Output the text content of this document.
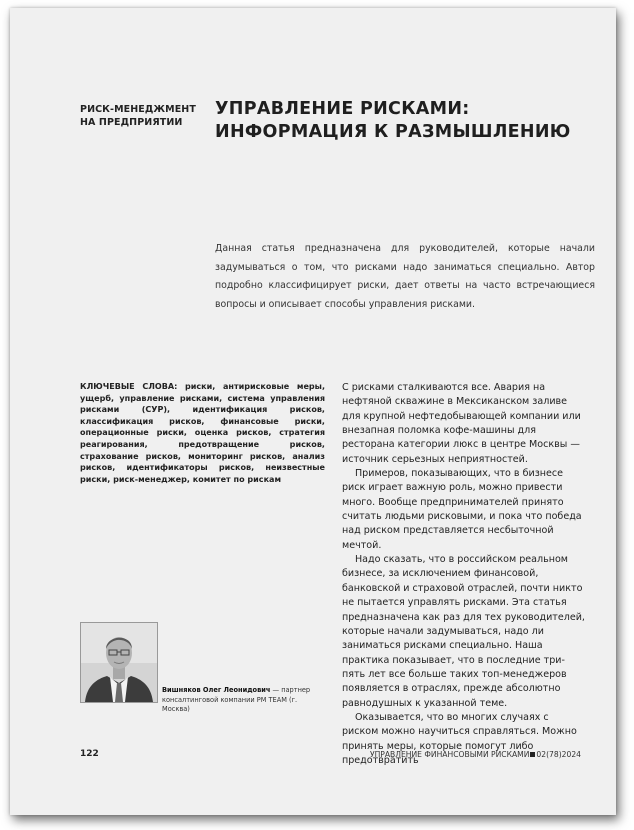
РИСК-МЕНЕДЖМЕНТ НА ПРЕДПРИЯТИИ
УПРАВЛЕНИЕ РИСКАМИ: ИНФОРМАЦИЯ К РАЗМЫШЛЕНИЮ
Данная статья предназначена для руководителей, которые начали задумываться о том, что рисками надо заниматься специально. Автор подробно классифицирует риски, дает ответы на часто встречающиеся вопросы и описывает способы управления рисками.
КЛЮЧЕВЫЕ СЛОВА: риски, антирисковые меры, ущерб, управление рисками, система управления рисками (СУР), идентификация рисков, классификация рисков, финансовые риски, операционные риски, оценка рисков, стратегия реагирования, предотвращение рисков, страхование рисков, мониторинг рисков, анализ рисков, идентификаторы рисков, неизвестные риски, риск-менеджер, комитет по рискам

С рисками сталкиваются все. Авария на нефтяной скважине в Мексиканском заливе для крупной нефтедобывающей компании или внезапная поломка кофе-машины для ресторана категории люкс в центре Москвы — источник серьезных неприятностей.

Примеров, показывающих, что в бизнесе риск играет важную роль, можно привести много. Вообще предпринимателей принято считать людьми рисковыми, и пока что победа над риском представляется несбыточной мечтой.

Надо сказать, что в российском реальном бизнесе, за исключением финансовой, банковской и страховой отраслей, почти никто не пытается управлять рисками. Эта статья предназначена как раз для тех руководителей, которые начали задумываться, надо ли заниматься рисками специально. Наша практика показывает, что в последние три-пять лет все больше таких топ-менеджеров появляется в отраслях, прежде абсолютно равнодушных к указанной теме.

Оказывается, что во многих случаях с риском можно научиться справляться. Можно принять меры, которые помогут либо предотвратить

Вишняков Олег Леонидович — партнер консалтинговой компании PM TEAM (г. Москва)
122	УПРАВЛЕНИЕ ФИНАНСОВЫМИ РИСКАМИ 02(78)2024
